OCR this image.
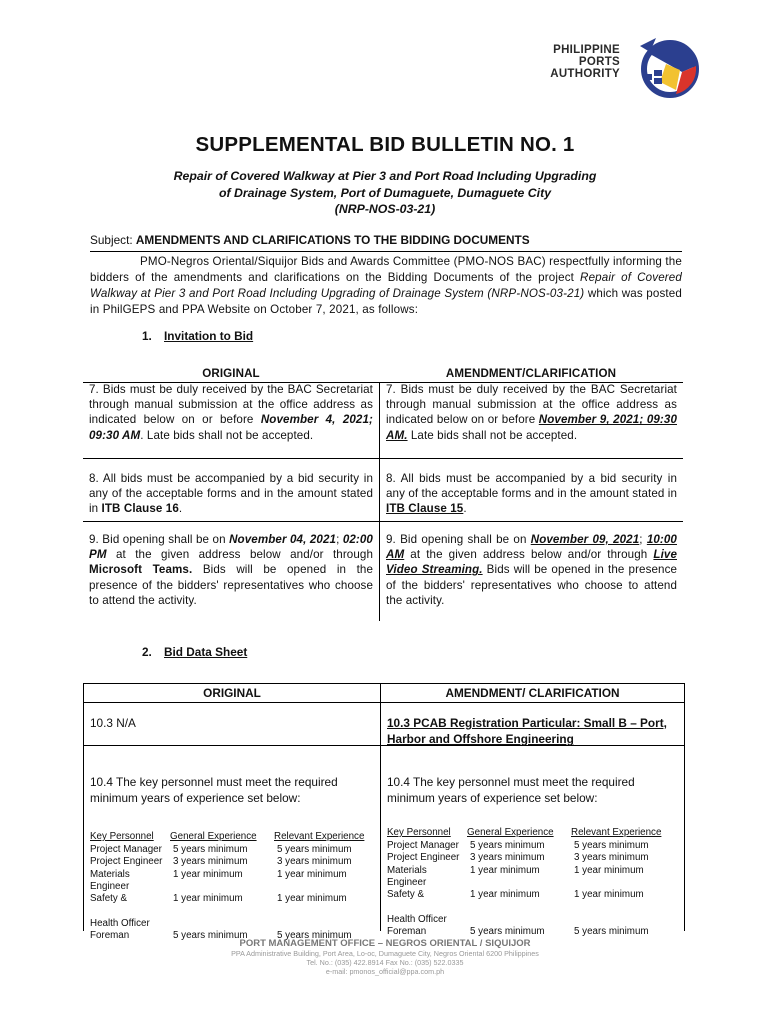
PHILIPPINE
PORTS
AUTHORITY
SUPPLEMENTAL BID BULLETIN NO. 1
Repair of Covered Walkway at Pier 3 and Port Road Including Upgrading
of Drainage System, Port of Dumaguete, Dumaguete City
(NRP-NOS-03-21)
Subject: AMENDMENTS AND CLARIFICATIONS TO THE BIDDING DOCUMENTS
PMO-Negros Oriental/Siquijor Bids and Awards Committee (PMO-NOS BAC) respectfully informing the bidders of the amendments and clarifications on the Bidding Documents of the project Repair of Covered Walkway at Pier 3 and Port Road Including Upgrading of Drainage System (NRP-NOS-03-21) which was posted in PhilGEPS and PPA Website on October 7, 2021, as follows:
1. Invitation to Bid
ORIGINAL	AMENDMENT/CLARIFICATION
7. Bids must be duly received by the BAC Secretariat through manual submission at the office address as indicated below on or before November 4, 2021; 09:30 AM. Late bids shall not be accepted.
7. Bids must be duly received by the BAC Secretariat through manual submission at the office address as indicated below on or before November 9, 2021; 09:30 AM. Late bids shall not be accepted.
8. All bids must be accompanied by a bid security in any of the acceptable forms and in the amount stated in ITB Clause 16.
8. All bids must be accompanied by a bid security in any of the acceptable forms and in the amount stated in ITB Clause 15.
9. Bid opening shall be on November 04, 2021; 02:00 PM at the given address below and/or through Microsoft Teams. Bids will be opened in the presence of the bidders' representatives who choose to attend the activity.
9. Bid opening shall be on November 09, 2021; 10:00 AM at the given address below and/or through Live Video Streaming. Bids will be opened in the presence of the bidders' representatives who choose to attend the activity.
2. Bid Data Sheet
ORIGINAL	AMENDMENT/ CLARIFICATION
10.3 N/A	10.3 PCAB Registration Particular: Small B – Port, Harbor and Offshore Engineering
10.4 The key personnel must meet the required minimum years of experience set below:
Key Personnel	General Experience	Relevant Experience
Project Manager	5 years minimum	5 years minimum
Project Engineer	3 years minimum	3 years minimum
Materials	1 year minimum	1 year minimum
Engineer		
Safety &	1 year minimum	1 year minimum
Health Officer		
Foreman	5 years minimum	5 years minimum
10.4 The key personnel must meet the required minimum years of experience set below:
Key Personnel	General Experience	Relevant Experience
Project Manager	5 years minimum	5 years minimum
Project Engineer	3 years minimum	3 years minimum
Materials	1 year minimum	1 year minimum
Engineer		
Safety &	1 year minimum	1 year minimum
Health Officer		
Foreman	5 years minimum	5 years minimum
PORT MANAGEMENT OFFICE – NEGROS ORIENTAL / SIQUIJOR
PPA Administrative Building, Port Area, Lo-oc, Dumaguete City, Negros Oriental 6200 Philippines
Tel. No.: (035) 422.8914 Fax No.: (035) 522.0335
e-mail: pmonos_official@ppa.com.ph
